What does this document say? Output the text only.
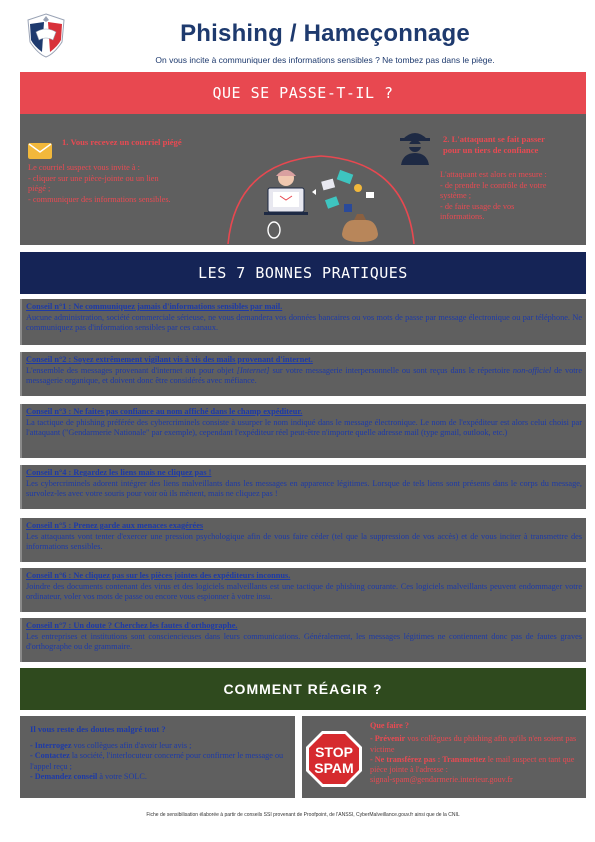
Phishing / Hameçonnage
On vous incite à communiquer des informations sensibles ? Ne tombez pas dans le piège.
QUE SE PASSE-T-IL ?
1. Vous recevez un courriel piégé
Le courriel suspect vous invite à :
- cliquer sur une pièce-jointe ou un lien
piégé ;
- communiquer des informations sensibles.
2. L'attaquant se fait passer
pour un tiers de confiance
L'attaquant est alors en mesure :
- de prendre le contrôle de votre
système ;
- de faire usage de vos
informations.
LES 7 BONNES PRATIQUES
Conseil n°1 : Ne communiquez jamais d'informations sensibles par mail.
Aucune administration, société commerciale sérieuse, ne vous demandera vos données bancaires ou vos mots de passe par message électronique ou par téléphone. Ne communiquez pas d'information sensibles par ces canaux.
Conseil n°2 : Soyez extrêmement vigilant vis à vis des mails provenant d'internet.
L'ensemble des messages provenant d'internet ont pour objet [Internet] sur votre messagerie interpersonnelle ou sont reçus dans le répertoire non-officiel de votre messagerie organique, et doivent donc être considérés avec méfiance.
Conseil n°3 : Ne faites pas confiance au nom affiché dans le champ expéditeur.
La tactique de phishing préférée des cybercriminels consiste à usurper le nom indiqué dans le message électronique. Le nom de l'expéditeur est alors celui choisi par l'attaquant ("Gendarmerie Nationale" par exemple), cependant l'expéditeur réel peut-être n'importe quelle adresse mail (type gmail, outlook, etc.)
Conseil n°4 : Regardez les liens mais ne cliquez pas !
Les cybercriminels adorent intégrer des liens malveillants dans les messages en apparence légitimes. Lorsque de tels liens sont présents dans le corps du message, survolez-les avec votre souris pour voir où ils mènent, mais ne cliquez pas !
Conseil n°5 : Prenez garde aux menaces exagérées
Les attaquants vont tenter d'exercer une pression psychologique afin de vous faire céder (tel que la suppression de vos accès) et de vous inciter à transmettre des informations sensibles.
Conseil n°6 : Ne cliquez pas sur les pièces jointes des expéditeurs inconnus.
Joindre des documents contenant des virus et des logiciels malveillants est une tactique de phishing courante. Ces logiciels malveillants peuvent endommager votre ordinateur, voler vos mots de passe ou encore vous espionner à votre insu.
Conseil n°7 : Un doute ? Cherchez les fautes d'orthographe.
Les entreprises et institutions sont consciencieuses dans leurs communications. Généralement, les messages légitimes ne contiennent donc pas de fautes graves d'orthographe ou de grammaire.
COMMENT RÉAGIR ?
Il vous reste des doutes malgré tout ?
- Interrogez vos collègues afin d'avoir leur avis ;
- Contactez la société, l'interlocuteur concerné pour confirmer le message ou l'appel reçu ;
- Demandez conseil à votre SOLC.
STOP
SPAM
Que faire ?
- Prévenir vos collègues du phishing afin qu'ils n'en soient pas victime
- Ne transférez pas : Transmettez le mail suspect en tant que pièce jointe à l'adresse :
signal-spam@gendarmerie.interieur.gouv.fr
Fiche de sensibilisation élaborée à partir de conseils SSI provenant de Proofpoint, de l'ANSSI, CyberMalveillance.gouv.fr ainsi que de la CNIL
